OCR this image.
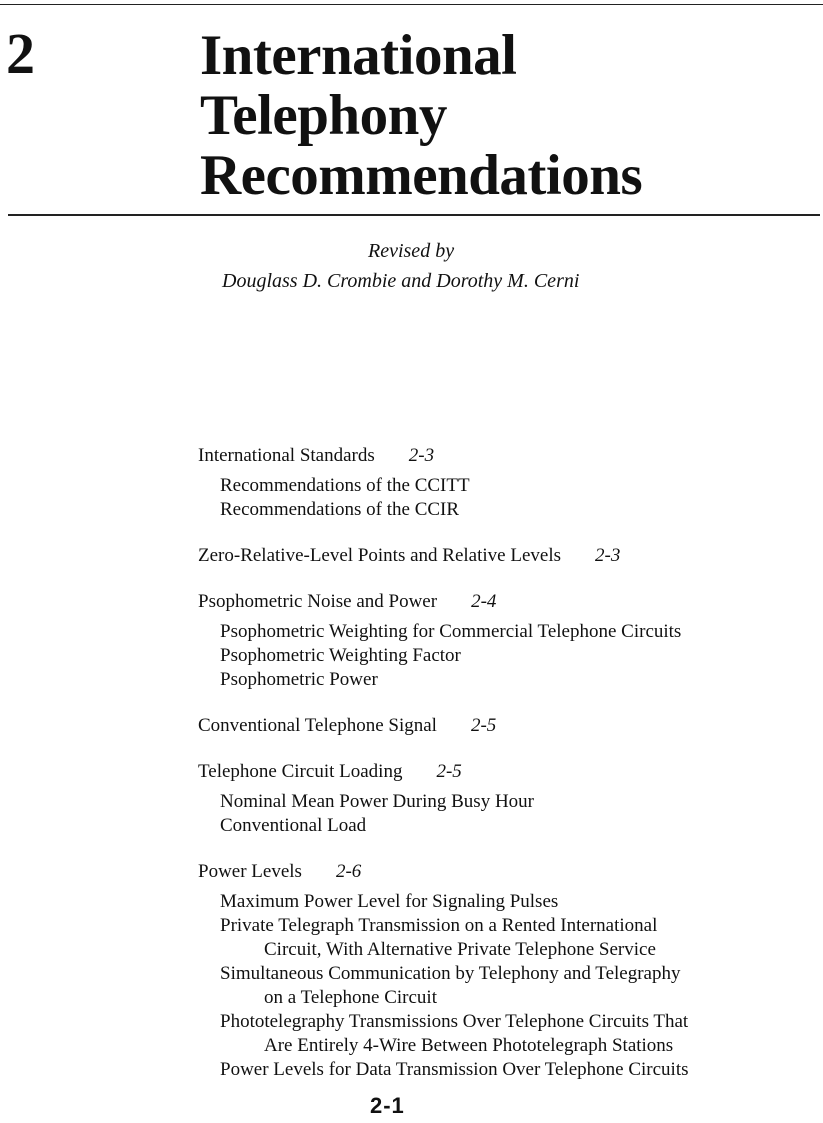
2	International
Telephony
Recommendations
Revised by
Douglass D. Crombie and Dorothy M. Cerni
International Standards 2-3
Recommendations of the CCITT
Recommendations of the CCIR
Zero-Relative-Level Points and Relative Levels 2-3
Psophometric Noise and Power 2-4
Psophometric Weighting for Commercial Telephone Circuits
Psophometric Weighting Factor
Psophometric Power
Conventional Telephone Signal 2-5
Telephone Circuit Loading 2-5
Nominal Mean Power During Busy Hour
Conventional Load
Power Levels 2-6
Maximum Power Level for Signaling Pulses
Private Telegraph Transmission on a Rented International
Circuit, With Alternative Private Telephone Service
Simultaneous Communication by Telephony and Telegraphy
on a Telephone Circuit
Phototelegraphy Transmissions Over Telephone Circuits That
Are Entirely 4-Wire Between Phototelegraph Stations
Power Levels for Data Transmission Over Telephone Circuits
2-1
